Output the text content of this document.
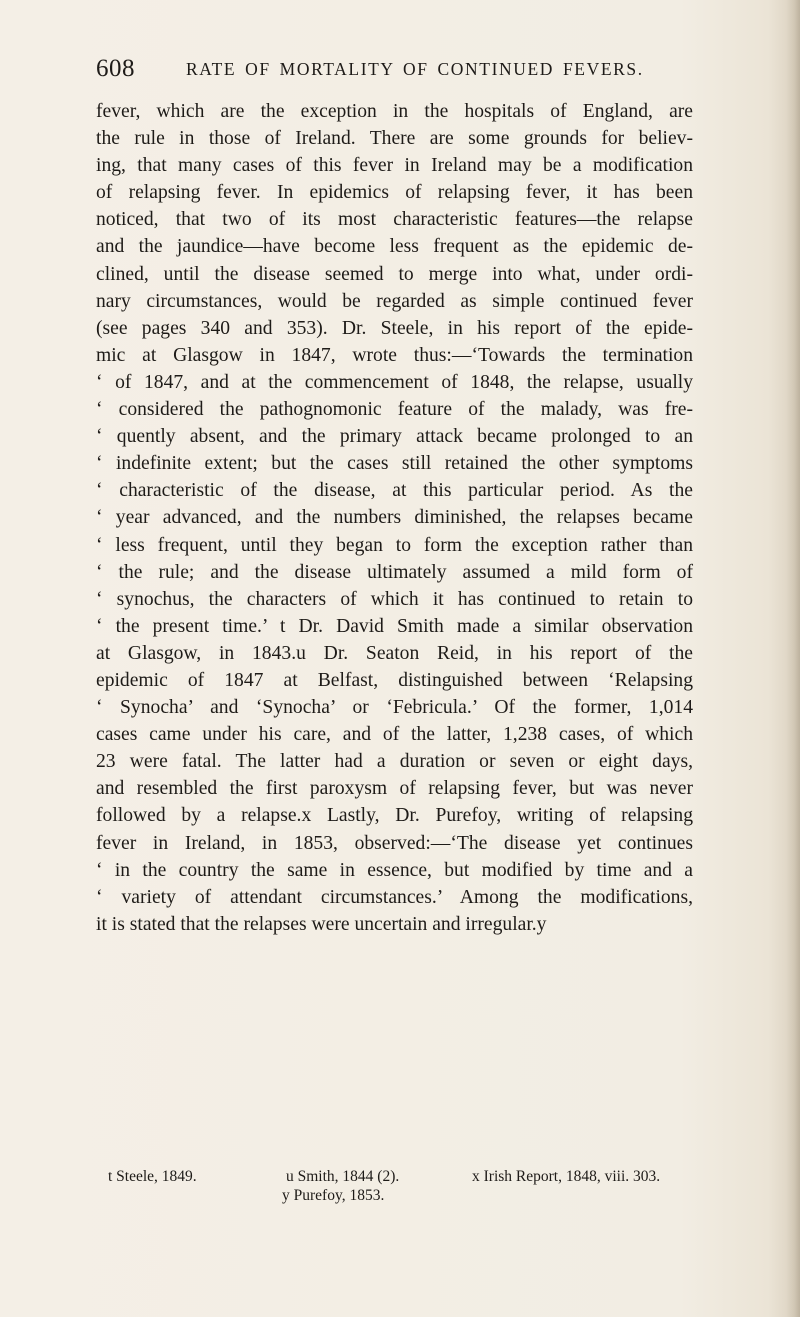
608	RATE OF MORTALITY OF CONTINUED FEVERS.
fever, which are the exception in the hospitals of England, are
the rule in those of Ireland. There are some grounds for believ-
ing, that many cases of this fever in Ireland may be a modification
of relapsing fever. In epidemics of relapsing fever, it has been
noticed, that two of its most characteristic features—the relapse
and the jaundice—have become less frequent as the epidemic de-
clined, until the disease seemed to merge into what, under ordi-
nary circumstances, would be regarded as simple continued fever
(see pages 340 and 353). Dr. Steele, in his report of the epide-
mic at Glasgow in 1847, wrote thus:—‘Towards the termination
‘ of 1847, and at the commencement of 1848, the relapse, usually
‘ considered the pathognomonic feature of the malady, was fre-
‘ quently absent, and the primary attack became prolonged to an
‘ indefinite extent; but the cases still retained the other symptoms
‘ characteristic of the disease, at this particular period. As the
‘ year advanced, and the numbers diminished, the relapses became
‘ less frequent, until they began to form the exception rather than
‘ the rule; and the disease ultimately assumed a mild form of
‘ synochus, the characters of which it has continued to retain to
‘ the present time.’ t Dr. David Smith made a similar observation
at Glasgow, in 1843.u Dr. Seaton Reid, in his report of the
epidemic of 1847 at Belfast, distinguished between ‘Relapsing
‘ Synocha’ and ‘Synocha’ or ‘Febricula.’ Of the former, 1,014
cases came under his care, and of the latter, 1,238 cases, of which
23 were fatal. The latter had a duration or seven or eight days,
and resembled the first paroxysm of relapsing fever, but was never
followed by a relapse.x Lastly, Dr. Purefoy, writing of relapsing
fever in Ireland, in 1853, observed:—‘The disease yet continues
‘ in the country the same in essence, but modified by time and a
‘ variety of attendant circumstances.’ Among the modifications,
it is stated that the relapses were uncertain and irregular.y
t Steele, 1849.	u Smith, 1844 (2).	x Irish Report, 1848, viii. 303.
y Purefoy, 1853.
